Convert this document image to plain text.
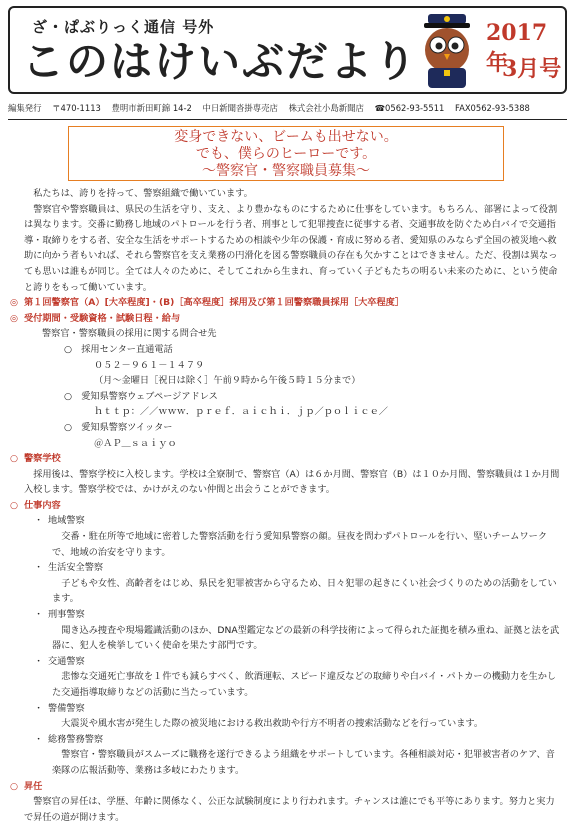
ざ・ぱぶりっく通信 号外
このはけいぶだより
2017年
3月号
編集発行 〒470-1113 豊明市新田町錦 14-2 中日新聞沓掛専売店 株式会社小島新聞店 ☎0562-93-5511 FAX0562-93-5388
変身できない、ビームも出せない。
でも、僕らのヒーローです。
～警察官・警察職員募集～

私たちは、誇りを持って、警察組織で働いています。

警察官や警察職員は、県民の生活を守り、支え、より豊かなものにするために仕事をしています。もちろん、部署によって役割は異なります。交番に勤務し地域のパトロールを行う者、刑事として犯罪捜査に従事する者、交通事故を防ぐため白バイで交通指導・取締りをする者、安全な生活をサポートするための相談や少年の保護・育成に努める者、愛知県のみならず全国の被災地へ救助に向かう者もいれば、それら警察官を支え業務の円滑化を図る警察職員の存在も欠かすことはできません。ただ、役割は異なっても思いは誰もが同じ。全ては人々のために、そしてこれから生まれ、育っていく子どもたちの明るい未来のために、という使命と誇りをもって働いています。

◎ 第１回警察官（A）[大卒程度]・(B)［高卒程度］採用及び第１回警察職員採用［大卒程度］

◎ 受付期間・受験資格・試験日程・給与

警察官・警察職員の採用に関する問合せ先

○　 採用センター直通電話

０５２－９６１－１４７９

（月～金曜日［祝日は除く］午前９時から午後５時１５分まで）

○　 愛知県警察ウェブページアドレス

ｈｔｔｐ：／／ｗｗｗ．ｐｒｅｆ．ａｉｃｈｉ．ｊｐ／ｐｏｌｉｃｅ／

○　 愛知県警察ツイッター

＠ＡＰ＿ｓａｉｙｏ

○ 警察学校

採用後は、警察学校に入校します。学校は全寮制で、警察官（A）は６か月間、警察官（B）は１０か月間、警察職員は１か月間入校します。警察学校では、かけがえのない仲間と出会うことができます。

○ 仕事内容

・ 地域警察

交番・駐在所等で地域に密着した警察活動を行う愛知県警察の顔。昼夜を問わずパトロールを行い、堅いチームワークで、地域の治安を守ります。

・ 生活安全警察

子どもや女性、高齢者をはじめ、県民を犯罪被害から守るため、日々犯罪の起きにくい社会づくりのための活動をしています。

・ 刑事警察

聞き込み捜査や現場鑑識活動のほか、DNA型鑑定などの最新の科学技術によって得られた証拠を積み重ね、証拠と法を武器に、犯人を検挙していく使命を果たす部門です。

・ 交通警察

悲惨な交通死亡事故を１件でも減らすべく、飲酒運転、スピード違反などの取締りや白バイ・パトカーの機動力を生かした交通指導取締りなどの活動に当たっています。

・ 警備警察

大震災や風水害が発生した際の被災地における救出救助や行方不明者の捜索活動などを行っています。

・ 総務警務警察

警察官・警察職員がスムーズに職務を遂行できるよう組織をサポートしています。各種相談対応・犯罪被害者のケア、音楽隊の広報活動等、業務は多岐にわたります。

○ 昇任

警察官の昇任は、学歴、年齢に関係なく、公正な試験制度により行われます。チャンスは誰にでも平等にあります。努力と実力で昇任の道が開けます。
